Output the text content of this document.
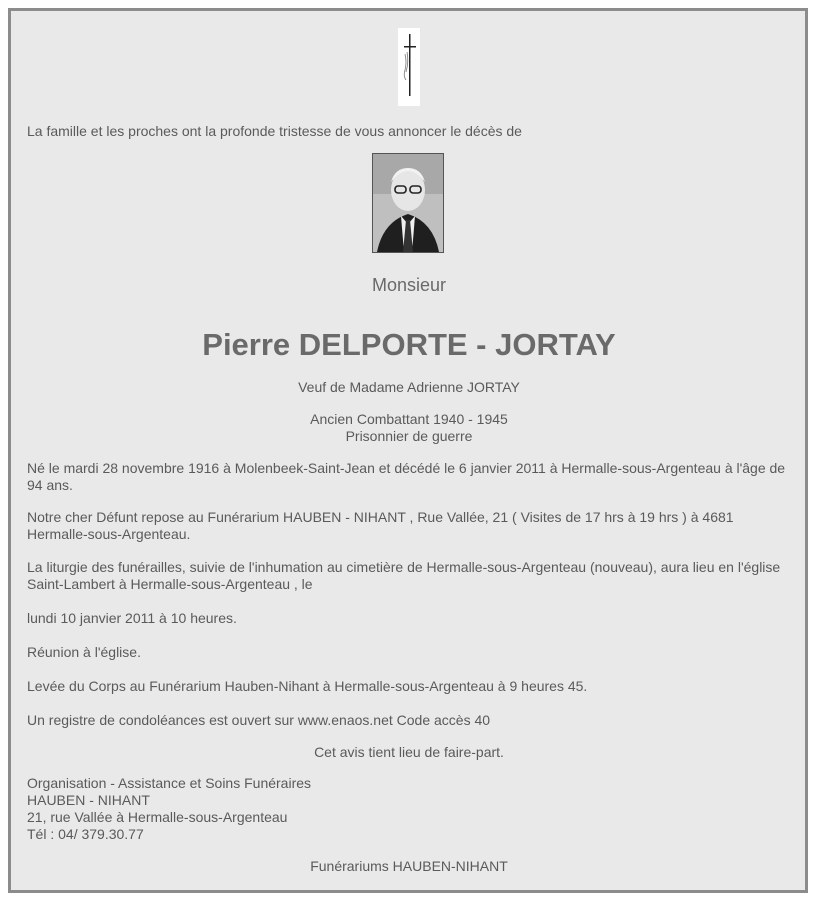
La famille et les proches ont la profonde tristesse de vous annoncer le décès de

Monsieur

Pierre DELPORTE - JORTAY

Veuf de Madame Adrienne JORTAY

Ancien Combattant 1940 - 1945

Prisonnier de guerre

Né le mardi 28 novembre 1916 à Molenbeek-Saint-Jean et décédé le 6 janvier 2011 à Hermalle-sous-Argenteau à l'âge de 94 ans.

Notre cher Défunt repose au Funérarium HAUBEN - NIHANT , Rue Vallée, 21 ( Visites de 17 hrs à 19 hrs ) à 4681 Hermalle-sous-Argenteau.

La liturgie des funérailles, suivie de l'inhumation au cimetière de Hermalle-sous-Argenteau (nouveau), aura lieu en l'église Saint-Lambert à Hermalle-sous-Argenteau , le

lundi 10 janvier 2011 à 10 heures.

Réunion à l'église.

Levée du Corps au Funérarium Hauben-Nihant à Hermalle-sous-Argenteau à 9 heures 45.

Un registre de condoléances est ouvert sur www.enaos.net Code accès 40

Cet avis tient lieu de faire-part.

Organisation - Assistance et Soins Funéraires

HAUBEN - NIHANT

21, rue Vallée à Hermalle-sous-Argenteau

Tél : 04/ 379.30.77

Funérariums HAUBEN-NIHANT
